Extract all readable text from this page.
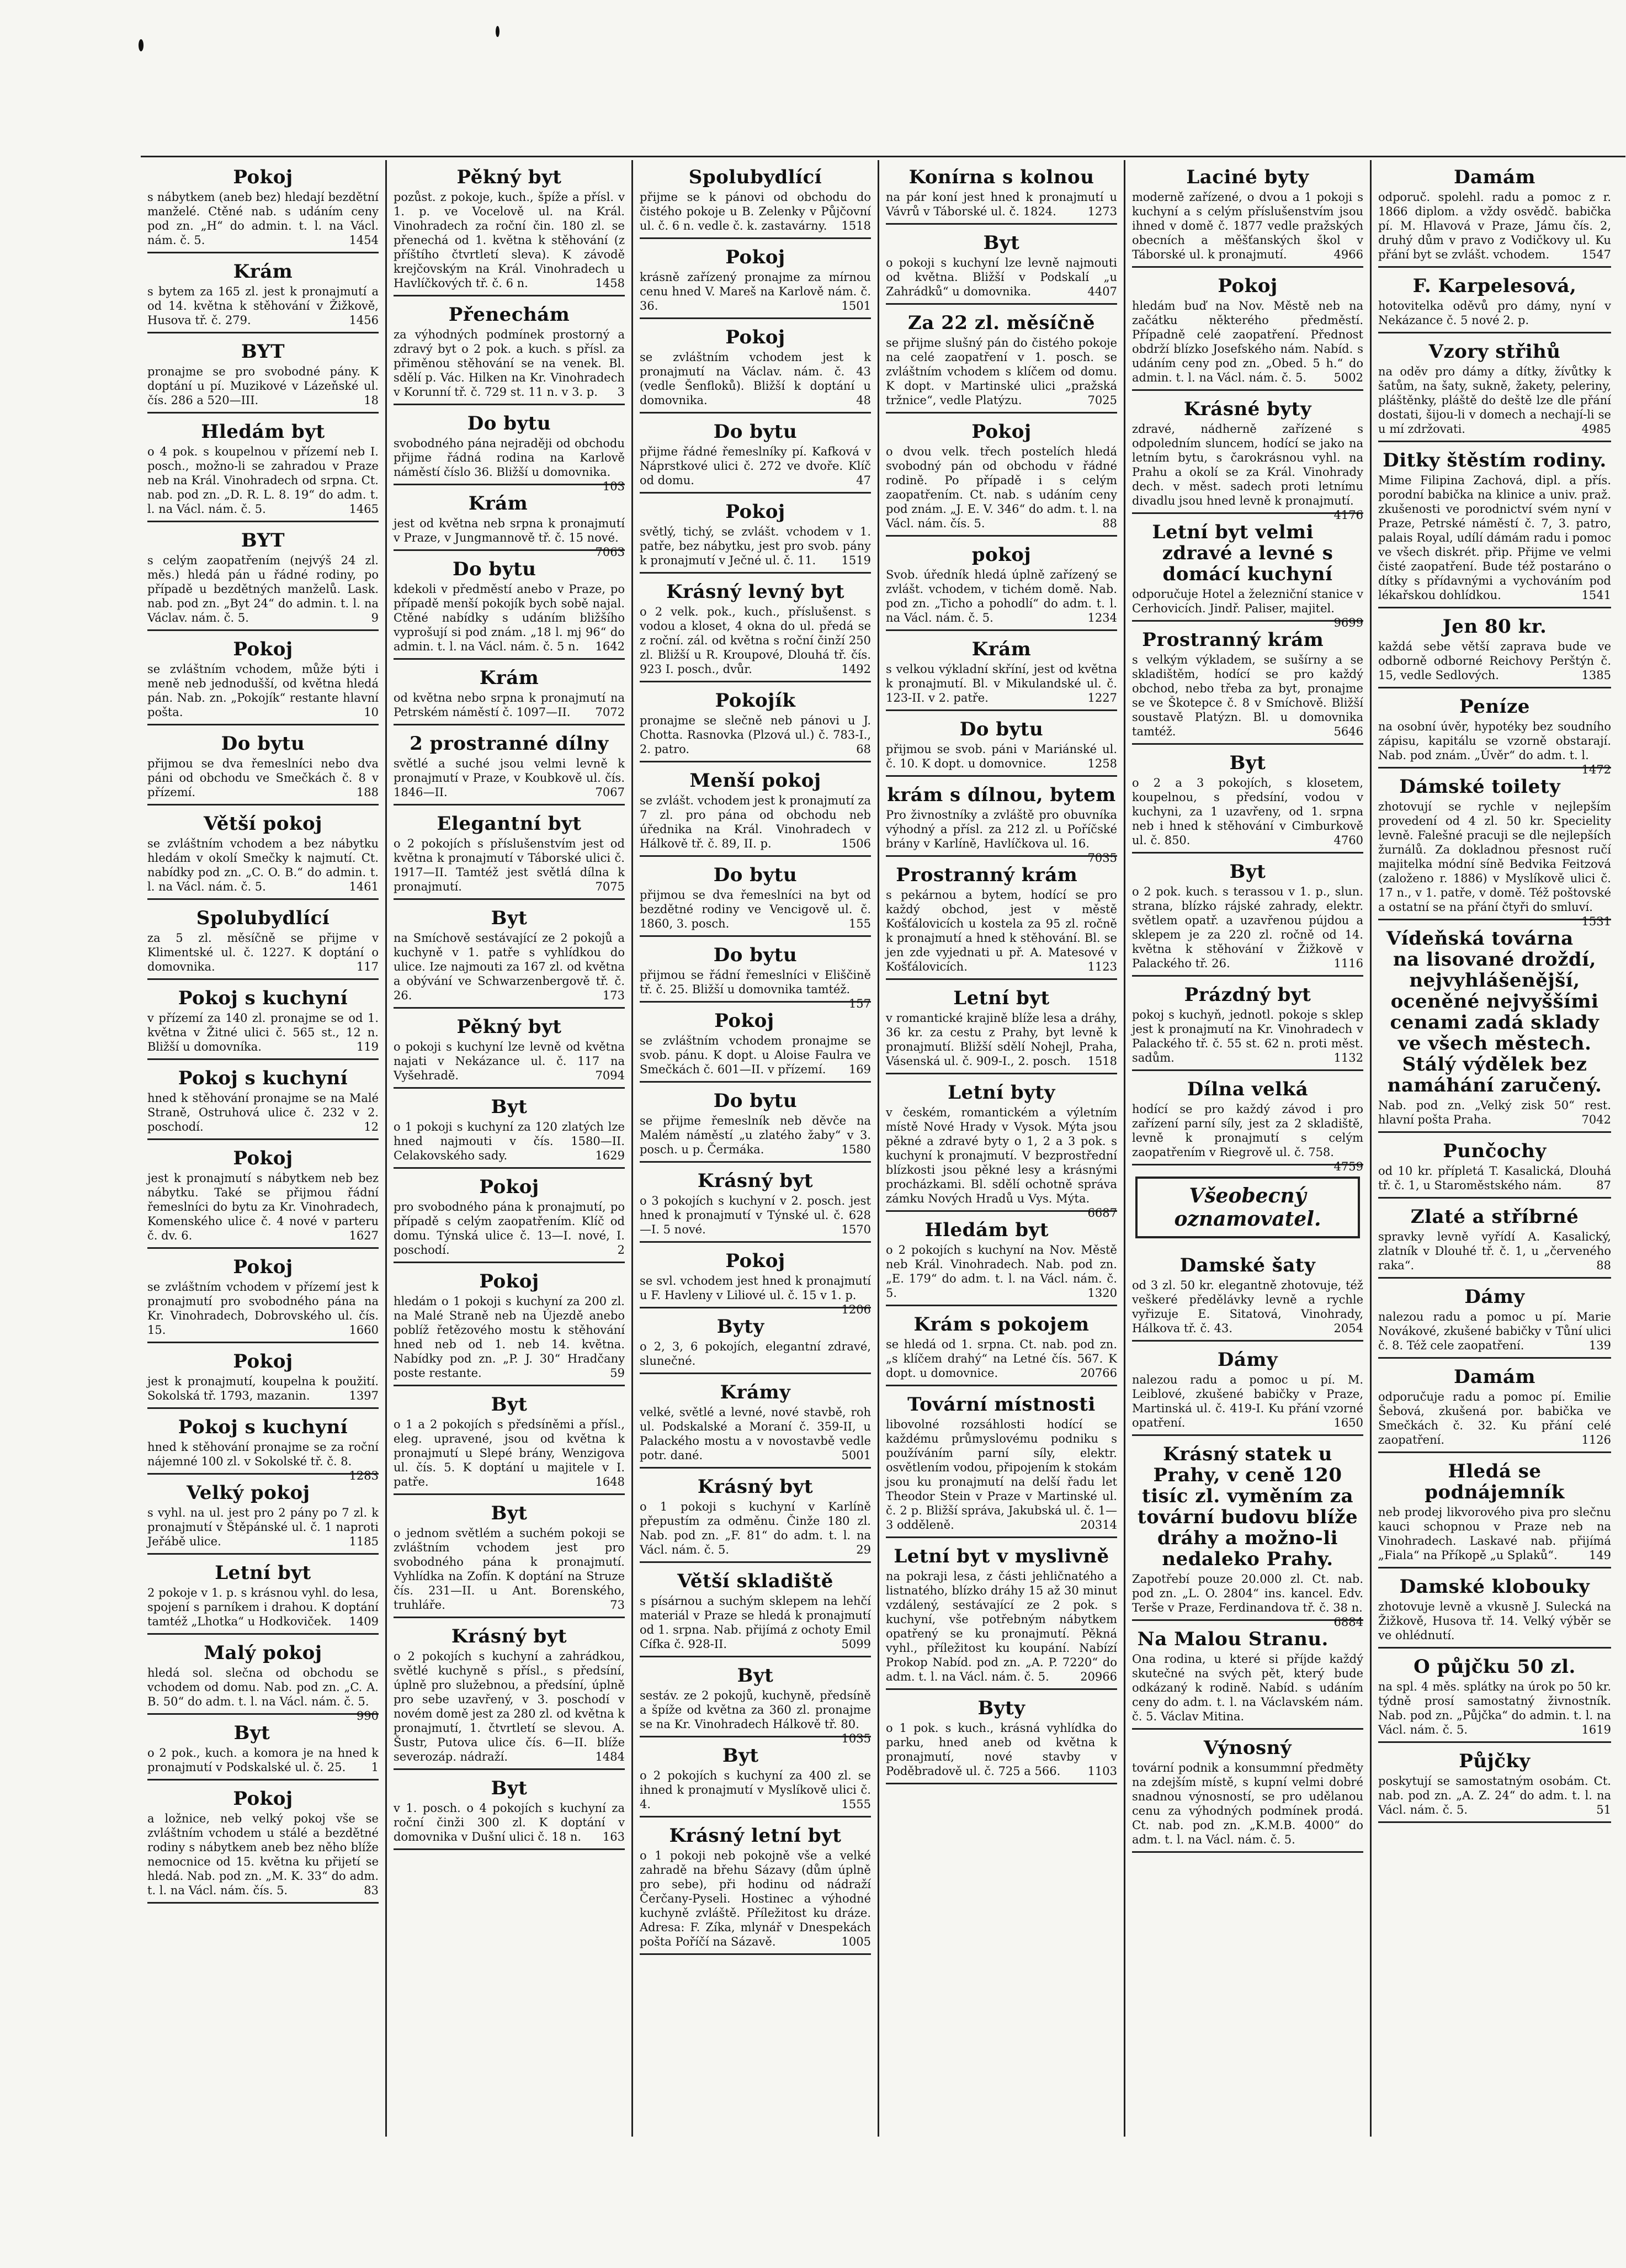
Pokoj

s nábytkem (aneb bez) hledají bezdětní manželé. Ctěné nab. s udáním ceny pod zn. „H“ do admin. t. l. na Václ. nám. č. 5.	1454

Krám

s bytem za 165 zl. jest k pronajmutí a od 14. května k stěhování v Žižkově, Husova tř. č. 279.	1456

BYT

pronajme se pro svobodné pány. K doptání u pí. Muzikové v Lázeňské ul. čís. 286 a 520—III.	18

Hledám byt

o 4 pok. s koupelnou v přízemí neb I. posch., možno-li se zahradou v Praze neb na Král. Vinohradech od srpna. Ct. nab. pod zn. „D. R. L. 8. 19“ do adm. t. l. na Václ. nám. č. 5.	1465

BYT

s celým zaopatřením (nejvýš 24 zl. měs.) hledá pán u řádné rodiny, po případě u bezdětných manželů. Lask. nab. pod zn. „Byt 24“ do admin. t. l. na Václav. nám. č. 5.	9

Pokoj

se zvláštním vchodem, může býti i meně neb jednodušší, od května hledá pán. Nab. zn. „Pokojík“ restante hlavní pošta.	10

Do bytu

přijmou se dva řemeslníci nebo dva páni od obchodu ve Smečkách č. 8 v přízemí.	188

Větší pokoj

se zvláštním vchodem a bez nábytku hledám v okolí Smečky k najmutí. Ct. nabídky pod zn. „C. O. B.“ do admin. t. l. na Václ. nám. č. 5.	1461

Spolubydlící

za 5 zl. měsíčně se přijme v Klimentské ul. č. 1227. K doptání o domovnika.	117

Pokoj s kuchyní

v přízemí za 140 zl. pronajme se od 1. května v Žitné ulici č. 565 st., 12 n. Bližší u domovníka.	119

Pokoj s kuchyní

hned k stěhování pronajme se na Malé Straně, Ostruhová ulice č. 232 v 2. poschodí.	12

Pokoj

jest k pronajmutí s nábytkem neb bez nábytku. Také se přijmou řádní řemeslníci do bytu za Kr. Vinohradech, Komenského ulice č. 4 nové v parteru č. dv. 6.	1627

Pokoj

se zvláštním vchodem v přízemí jest k pronajmutí pro svobodného pána na Kr. Vinohradech, Dobrovského ul. čís. 15.	1660

Pokoj

jest k pronajmutí, koupelna k použití. Sokolská tř. 1793, mazanin.	1397

Pokoj s kuchyní

hned k stěhování pronajme se za roční nájemné 100 zl. v Sokolské tř. č. 8.
1283

Velký pokoj

s vyhl. na ul. jest pro 2 pány po 7 zl. k pronajmutí v Štěpánské ul. č. 1 naproti Jeřábě ulice.	1185

Letní byt

2 pokoje v 1. p. s krásnou vyhl. do lesa, spojení s parníkem i drahou. K doptání tamtéž „Lhotka“ u Hodkoviček. 1409

Malý pokoj

hledá sol. slečna od obchodu se vchodem od domu. Nab. pod zn. „C. A. B. 50“ do adm. t. l. na Václ. nám. č. 5.
990

Byt

o 2 pok., kuch. a komora je na hned k pronajmutí v Podskalské ul. č. 25. 1

Pokoj

a ložnice, neb velký pokoj vše se zvláštním vchodem u stálé a bezdětné rodiny s nábytkem aneb bez něho blíže nemocnice od 15. května ku přijetí se hledá. Nab. pod zn. „M. K. 33“ do adm. t. l. na Václ. nám. čís. 5.	83

Pěkný byt

pozůst. z pokoje, kuch., špíže a přísl. v 1. p. ve Vocelově ul. na Král. Vinohradech za roční čin. 180 zl. se přenechá od 1. května k stěhování (z příštího čtvrtletí sleva). K závodě krejčovským na Král. Vinohradech u Havlíčkových tř. č. 6 n.	1458

Přenechám

za výhodných podmínek prostorný a zdravý byt o 2 pok. a kuch. s přísl. za přiměnou stěhování se na venek. Bl. sdělí p. Vác. Hilken na Kr. Vinohradech v Korunní tř. č. 729 st. 11 n. v 3. p. 3

Do bytu

svobodného pána nejraději od obchodu přijme řádná rodina na Karlově náměstí číslo 36. Bližší u domovnika.
103

Krám

jest od května neb srpna k pronajmutí v Praze, v Jungmannově tř. č. 15 nové.
7063

Do bytu

kdekoli v předměstí anebo v Praze, po případě menší pokojík bych sobě najal. Ctěné nabídky s udáním bližšího vyprošují si pod znám. „18 l. mj 96“ do admin. t. l. na Václ. nám. č. 5 n. 1642

Krám

od května nebo srpna k pronajmutí na Petrském náměstí č. 1097—II. 7072

2 prostranné dílny

světlé a suché jsou velmi levně k pronajmutí v Praze, v Koubkově ul. čís. 1846—II.	7067

Elegantní byt

o 2 pokojích s příslušenstvím jest od května k pronajmutí v Táborské ulici č. 1917—II. Tamtéž jest světlá dílna k pronajmutí.	7075

Byt

na Smíchově sestávající ze 2 pokojů a kuchyně v 1. patře s vyhlídkou do ulice. Ize najmouti za 167 zl. od května a obývání ve Schwarzenbergově tř. č. 26.	173

Pěkný byt

o pokoji s kuchyní lze levně od května najati v Nekázance ul. č. 117 na Vyšehradě.	7094

Byt

o 1 pokoji s kuchyní za 120 zlatých lze hned najmouti v čís. 1580—II. Celakovského sady.	1629

Pokoj

pro svobodného pána k pronajmutí, po případě s celým zaopatřením. Klíč od domu. Týnská ulice č. 13—I. nové, I. poschodí.	2

Pokoj

hledám o 1 pokoji s kuchyní za 200 zl. na Malé Straně neb na Újezdě anebo poblíž řetězového mostu k stěhování hned neb od 1. neb 14. května. Nabídky pod zn. „P. J. 30“ Hradčany poste restante.	59

Byt

o 1 a 2 pokojích s předsíněmi a přísl., eleg. upravené, jsou od května k pronajmutí u Slepé brány, Wenzigova ul. čís. 5. K doptání u majitele v I. patře.	1648

Byt

o jednom světlém a suchém pokoji se zvláštním vchodem jest pro svobodného pána k pronajmutí. Vyhlídka na Zofín. K doptání na Struze čís. 231—II. u Ant. Borenského, truhláře.	73

Krásný byt

o 2 pokojích s kuchyní a zahrádkou, světlé kuchyně s přísl., s předsíní, úplně pro služebnou, a předsíní, úplně pro sebe uzavřený, v 3. poschodí v novém domě jest za 280 zl. od května k pronajmutí, 1. čtvrtletí se slevou. A. Šustr, Putova ulice čís. 6—II. blíže severozáp. nádraží.	1484

Byt

v 1. posch. o 4 pokojích s kuchyní za roční činži 300 zl. K doptání v domovnika v Dušní ulici č. 18 n. 163

Spolubydlící

přijme se k pánovi od obchodu do čistého pokoje u B. Zelenky v Půjčovní ul. č. 6 n. vedle č. k. zastavárny. 1518

Pokoj

krásně zařízený pronajme za mírnou cenu hned V. Mareš na Karlově nám. č. 36.	1501

Pokoj

se zvláštním vchodem jest k pronajmutí na Václav. nám. č. 43 (vedle Šenfloků). Bližší k doptání u domovnika.	48

Do bytu

přijme řádné řemeslníky pí. Kafková v Náprstkové ulici č. 272 ve dvoře. Klíč od domu.	47

Pokoj

světlý, tichý, se zvlášt. vchodem v 1. patře, bez nábytku, jest pro svob. pány k pronajmutí v Ječné ul. č. 11. 1519

Krásný levný byt

o 2 velk. pok., kuch., příslušenst. s vodou a kloset, 4 okna do ul. předá se z roční. zál. od května s roční činží 250 zl. Bližší u R. Kroupové, Dlouhá tř. čís. 923 I. posch., dvůr.	1492

Pokojík

pronajme se slečně neb pánovi u J. Chotta. Rasnovka (Plzová ul.) č. 783-I., 2. patro.	68

Menší pokoj

se zvlášt. vchodem jest k pronajmutí za 7 zl. pro pána od obchodu neb úřednika na Král. Vinohradech v Hálkově tř. č. 89, II. p.	1506

Do bytu

přijmou se dva řemeslníci na byt od bezdětné rodiny ve Vencigově ul. č. 1860, 3. posch.	155

Do bytu

přijmou se řádní řemeslníci v Eliščině tř. č. 25. Bližší u domovnika tamtéž.
157

Pokoj

se zvláštním vchodem pronajme se svob. pánu. K dopt. u Aloise Faulra ve Smečkách č. 601—II. v přízemí. 169

Do bytu

se přijme řemeslník neb děvče na Malém náměstí „u zlatého žaby“ v 3. posch. u p. Čermáka.	1580

Krásný byt

o 3 pokojích s kuchyní v 2. posch. jest hned k pronajmutí v Týnské ul. č. 628—I. 5 nové.	1570

Pokoj

se svl. vchodem jest hned k pronajmutí u F. Havleny v Liliové ul. č. 15 v 1. p.
1206

Byty

o 2, 3, 6 pokojích, elegantní zdravé, slunečné.

Krámy

velké, světlé a levné, nové stavbě, roh ul. Podskalské a Moraní č. 359-II, u Palackého mostu a v novostavbě vedle potr. dané.	5001

Krásný byt

o 1 pokoji s kuchyní v Karlíně přepustím za odměnu. Činže 180 zl. Nab. pod zn. „F. 81“ do adm. t. l. na Václ. nám. č. 5.	29

Větší skladiště

s písárnou a suchým sklepem na lehčí materiál v Praze se hledá k pronajmutí od 1. srpna. Nab. přijímá z ochoty Emil Cífka č. 928-II.	5099

Byt

sestáv. ze 2 pokojů, kuchyně, předsíně a špíže od května za 360 zl. pronajme se na Kr. Vinohradech Hálkově tř. 80.
1035

Byt

o 2 pokojích s kuchyní za 400 zl. se ihned k pronajmutí v Myslíkově ulici č. 4.	1555

Krásný letní byt

o 1 pokoji neb pokojně vše a velké zahradě na břehu Sázavy (dům úplně pro sebe), při hodinu od nádraží Čerčany-Pyseli. Hostinec a výhodné kuchyně zvláště. Příležitost ku dráze. Adresa: F. Zíka, mlynář v Dnespekách pošta Poříčí na Sázavě.	1005

Konírna s kolnou

na pár koní jest hned k pronajmutí u Vávrů v Táborské ul. č. 1824.	1273

Byt

o pokoji s kuchyní lze levně najmouti od května. Bližší v Podskalí „u Zahrádků“ u domovnika.	4407

Za 22 zl. měsíčně

se přijme slušný pán do čistého pokoje na celé zaopatření v 1. posch. se zvláštním vchodem s klíčem od domu. K dopt. v Martinské ulici „pražská tržnice“, vedle Platýzu.	7025

Pokoj

o dvou velk. třech postelích hledá svobodný pán od obchodu v řádné rodině. Po případě i s celým zaopatřením. Ct. nab. s udáním ceny pod znám. „J. E. V. 346“ do adm. t. l. na Václ. nám. čís. 5.	88

pokoj

Svob. úředník hledá úplně zařízený se zvlášt. vchodem, v tichém domě. Nab. pod zn. „Ticho a pohodlí“ do adm. t. l. na Václ. nám. č. 5.	1234

Krám

s velkou výkladní skříní, jest od května k pronajmutí. Bl. v Mikulandské ul. č. 123-II. v 2. patře.	1227

Do bytu

přijmou se svob. páni v Mariánské ul. č. 10. K dopt. u domovnice.	1258

krám s dílnou, bytem

Pro živnostníky a zvláště pro obuvníka výhodný a přísl. za 212 zl. u Poříčské brány v Karlíně, Havlíčkova ul. 16.
7035

Prostranný krám

s pekárnou a bytem, hodící se pro každý obchod, jest v městě Košťálovicích u kostela za 95 zl. ročně k pronajmutí a hned k stěhování. Bl. se jen zde vyjednati u př. A. Matesové v Košťálovicích.	1123

Letní byt

v romantické krajině blíže lesa a dráhy, 36 kr. za cestu z Prahy, byt levně k pronajmutí. Bližší sdělí Nohejl, Praha, Vásenská ul. č. 909-I., 2. posch. 1518

Letní byty

v českém, romantickém a výletním místě Nové Hrady v Vysok. Mýta jsou pěkné a zdravé byty o 1, 2 a 3 pok. s kuchyní k pronajmutí. V bezprostřední blízkosti jsou pěkné lesy a krásnými procházkami. Bl. sdělí ochotně správa zámku Nových Hradů u Vys. Mýta.
6687

Hledám byt

o 2 pokojích s kuchyní na Nov. Městě neb Král. Vinohradech. Nab. pod zn. „E. 179“ do adm. t. l. na Václ. nám. č. 5.	1320

Krám s pokojem

se hledá od 1. srpna. Ct. nab. pod zn. „s klíčem drahý“ na Letné čís. 567. K dopt. u domovnice.	20766

Tovární místnosti

libovolné rozsáhlosti hodící se každému průmyslovému podniku s používáním parní síly, elektr. osvětlením vodou, připojením k stokám jsou ku pronajmutí na delší řadu let Theodor Stein v Praze v Martinské ul. č. 2 p. Bližší správa, Jakubská ul. č. 1—3 odděleně.	20314

Letní byt v myslivně

na pokraji lesa, z části jehličnatého a listnatého, blízko dráhy 15 až 30 minut vzdálený, sestávající ze 2 pok. s kuchyní, vše potřebným nábytkem opatřený se ku pronajmutí. Pěkná vyhl., příležitost ku koupání. Nabízí Prokop Nabíd. pod zn. „A. P. 7220“ do adm. t. l. na Václ. nám. č. 5.	20966

Byty

o 1 pok. s kuch., krásná vyhlídka do parku, hned aneb od května k pronajmutí, nové stavby v Poděbradově ul. č. 725 a 566. 1103

Laciné byty

moderně zařízené, o dvou a 1 pokoji s kuchyní a s celým příslušenstvím jsou ihned v domě č. 1877 vedle pražských obecních a měšťanských škol v Táborské ul. k pronajmutí.	4966

Pokoj

hledám buď na Nov. Městě neb na začátku některého předměstí. Případně celé zaopatření. Přednost obdrží blízko Josefského nám. Nabíd. s udáním ceny pod zn. „Obed. 5 h.“ do admin. t. l. na Václ. nám. č. 5. 5002

Krásné byty

zdravé, nádherně zařízené s odpoledním sluncem, hodící se jako na letním bytu, s čarokrásnou vyhl. na Prahu a okolí se za Král. Vinohrady dech. v měst. sadech proti letnímu divadlu jsou hned levně k pronajmutí.
4176

Letní byt velmi zdravé a levné s domácí kuchyní

odporučuje Hotel a železniční stanice v Cerhovicích. Jindř. Paliser, majitel.
9699

Prostranný krám

s velkým výkladem, se sušírny a se skladištěm, hodící se pro každý obchod, nebo třeba za byt, pronajme se ve Škotepce č. 8 v Smíchově. Bližší soustavě Platýzn. Bl. u domovnika tamtéž.	5646

Byt

o 2 a 3 pokojích, s klosetem, koupelnou, s předsíní, vodou v kuchyni, za 1 uzavřeny, od 1. srpna neb i hned k stěhování v Cimburkově ul. č. 850.	4760

Byt

o 2 pok. kuch. s terassou v 1. p., slun. strana, blízko rájské zahrady, elektr. světlem opatř. a uzavřenou pújdou a sklepem je za 220 zl. ročně od 14. května k stěhování v Žižkově v Palackého tř. 26.	1116

Prázdný byt

pokoj s kuchyň, jednotl. pokoje s sklep jest k pronajmutí na Kr. Vinohradech v Palackého tř. č. 55 st. 62 n. proti měst. sadům.	1132

Dílna velká

hodící se pro každý závod i pro zařízení parní síly, jest za 2 skladiště, levně k pronajmutí s celým zaopatřením v Riegrově ul. č. 758.
4759

Všeobecný oznamovatel.
Damské šaty

od 3 zl. 50 kr. elegantně zhotovuje, též veškeré předělávky levně a rychle vyřizuje E. Sitatová, Vinohrady, Hálkova tř. č. 43.	2054

Dámy

nalezou radu a pomoc u pí. M. Leiblové, zkušené babičky v Praze, Martinská ul. č. 419-I. Ku přání vzorné opatření.	1650

Krásný statek u Prahy, v ceně 120 tisíc zl. vyměním za tovární budovu blíže dráhy a možno-li nedaleko Prahy.

Zapotřebí pouze 20.000 zl. Ct. nab. pod zn. „L. O. 2804“ ins. kancel. Edv. Terše v Praze, Ferdinandova tř. č. 38 n.
6884

Na Malou Stranu.

Ona rodina, u které si příjde každý skutečné na svých pět, který bude odkázaný k rodině. Nabíd. s udáním ceny do adm. t. l. na Václavském nám. č. 5. Václav Mitina.

Výnosný

tovární podnik a konsummní předměty na zdejším místě, s kupní velmi dobré snadnou výnosností, se pro udělanou cenu za výhodných podmínek prodá. Ct. nab. pod zn. „K.M.B. 4000“ do adm. t. l. na Václ. nám. č. 5.

Damám

odporuč. spolehl. radu a pomoc z r. 1866 diplom. a vždy osvědč. babička pí. M. Hlavová v Praze, Jámu čís. 2, druhý dům v pravo z Vodičkovy ul. Ku přání byt se zvlášt. vchodem.	1547

F. Karpelesová,

hotovitelka oděvů pro dámy, nyní v Nekázance č. 5 nové 2. p.

Vzory střihů

na oděv pro dámy a dítky, žívůtky k šatům, na šaty, sukně, žakety, peleriny, pláštěnky, pláště do deště lze dle přání dostati, šijou-li v domech a nechají-li se u mí zdržovati.	4985

Ditky štěstím rodiny.

Mime Filipina Zachová, dipl. a přís. porodní babička na klinice a univ. praž. zkušenosti ve porodnictví svém nyní v Praze, Petrské náměstí č. 7, 3. patro, palais Royal, udílí dámám radu i pomoc ve všech diskrét. přip. Přijme ve velmi čisté zaopatření. Bude též postaráno o dítky s přídavnými a vychováním pod lékařskou dohlídkou.	1541

Jen 80 kr.

každá sebe větší zaprava bude ve odborně odborné Reichovy Perštýn č. 15, vedle Sedlových.	1385

Peníze

na osobní úvěr, hypotéky bez soudního zápisu, kapitálu se vzorně obstarají. Nab. pod znám. „Úvěr“ do adm. t. l.
1472

Dámské toilety

zhotovují se rychle v nejlepším provedení od 4 zl. 50 kr. Specielity levně. Falešné pracuji se dle nejlepších žurnálů. Za dokladnou přesnost ručí majitelka módní síně Bedvika Feitzová (založeno r. 1886) v Myslíkově ulici č. 17 n., v 1. patře, v domě. Též poštovské a ostatní se na přání čtyři do smluví.
1531

Vídeňská továrna na lisované droždí, nejvyhlášenější, oceněné nejvyššími cenami zadá sklady ve všech městech. Stálý výdělek bez namáhání zaručený.

Nab. pod zn. „Velký zisk 50“ rest. hlavní pošta Praha.	7042

Punčochy

od 10 kr. přípletá T. Kasalická, Dlouhá tř. č. 1, u Staroměstského nám.	87

Zlaté a stříbrné

spravky levně vyřídí A. Kasalický, zlatník v Dlouhé tř. č. 1, u „červeného raka“.	88

Dámy

nalezou radu a pomoc u pí. Marie Novákové, zkušené babičky v Tůní ulici č. 8. Též cele zaopatření.	139

Damám

odporučuje radu a pomoc pí. Emilie Šebová, zkušená por. babička ve Smečkách č. 32. Ku přání celé zaopatření.	1126

Hledá se podnájemník

neb prodej likvorového piva pro slečnu kauci schopnou v Praze neb na Vinohradech. Laskavé nab. přijímá „Fiala“ na Příkopě „u Splaků“.	149

Damské klobouky

zhotovuje levně a vkusně J. Sulecká na Žižkově, Husova tř. 14. Velký výběr se ve ohlédnutí.

O půjčku 50 zl.

na spl. 4 měs. splátky na úrok po 50 kr. týdně prosí samostatný živnostník. Nab. pod zn. „Půjčka“ do admin. t. l. na Václ. nám. č. 5.	1619

Půjčky

poskytují se samostatným osobám. Ct. nab. pod zn. „A. Z. 24“ do adm. t. l. na Václ. nám. č. 5.	51
